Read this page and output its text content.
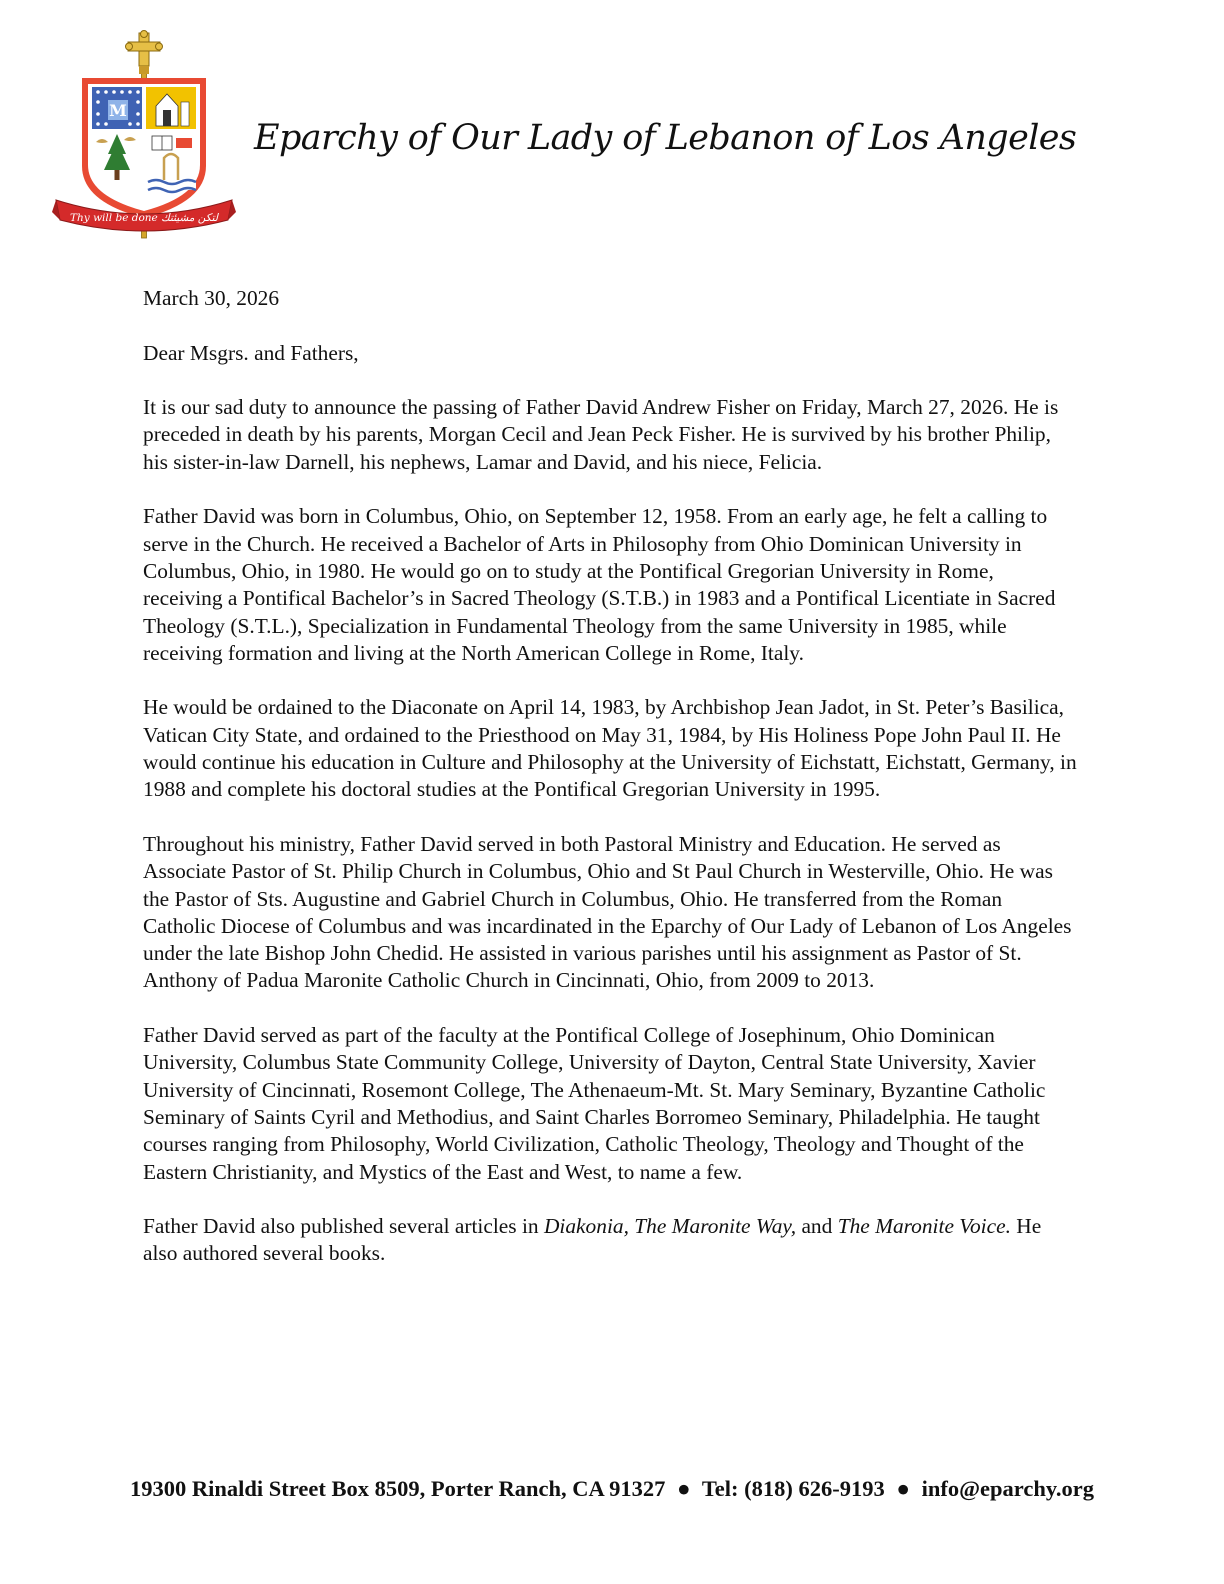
M
Thy will be done لتكن مشيئتك
Eparchy of Our Lady of Lebanon of Los Angeles

March 30, 2026

Dear Msgrs. and Fathers,

It is our sad duty to announce the passing of Father David Andrew Fisher on Friday, March 27, 2026. He is preceded in death by his parents, Morgan Cecil and Jean Peck Fisher. He is survived by his brother Philip, his sister-in-law Darnell, his nephews, Lamar and David, and his niece, Felicia.

Father David was born in Columbus, Ohio, on September 12, 1958. From an early age, he felt a calling to serve in the Church. He received a Bachelor of Arts in Philosophy from Ohio Dominican University in Columbus, Ohio, in 1980. He would go on to study at the Pontifical Gregorian University in Rome, receiving a Pontifical Bachelor’s in Sacred Theology (S.T.B.) in 1983 and a Pontifical Licentiate in Sacred Theology (S.T.L.), Specialization in Fundamental Theology from the same University in 1985, while receiving formation and living at the North American College in Rome, Italy.

He would be ordained to the Diaconate on April 14, 1983, by Archbishop Jean Jadot, in St. Peter’s Basilica, Vatican City State, and ordained to the Priesthood on May 31, 1984, by His Holiness Pope John Paul II. He would continue his education in Culture and Philosophy at the University of Eichstatt, Eichstatt, Germany, in 1988 and complete his doctoral studies at the Pontifical Gregorian University in 1995.

Throughout his ministry, Father David served in both Pastoral Ministry and Education. He served as Associate Pastor of St. Philip Church in Columbus, Ohio and St Paul Church in Westerville, Ohio. He was the Pastor of Sts. Augustine and Gabriel Church in Columbus, Ohio. He transferred from the Roman Catholic Diocese of Columbus and was incardinated in the Eparchy of Our Lady of Lebanon of Los Angeles under the late Bishop John Chedid. He assisted in various parishes until his assignment as Pastor of St. Anthony of Padua Maronite Catholic Church in Cincinnati, Ohio, from 2009 to 2013.

Father David served as part of the faculty at the Pontifical College of Josephinum, Ohio Dominican University, Columbus State Community College, University of Dayton, Central State University, Xavier University of Cincinnati, Rosemont College, The Athenaeum-Mt. St. Mary Seminary, Byzantine Catholic Seminary of Saints Cyril and Methodius, and Saint Charles Borromeo Seminary, Philadelphia. He taught courses ranging from Philosophy, World Civilization, Catholic Theology, Theology and Thought of the Eastern Christianity, and Mystics of the East and West, to name a few.

Father David also published several articles in Diakonia, The Maronite Way, and The Maronite Voice. He also authored several books.

19300 Rinaldi Street Box 8509, Porter Ranch, CA 91327 ● Tel: (818) 626-9193 ● info@eparchy.org
